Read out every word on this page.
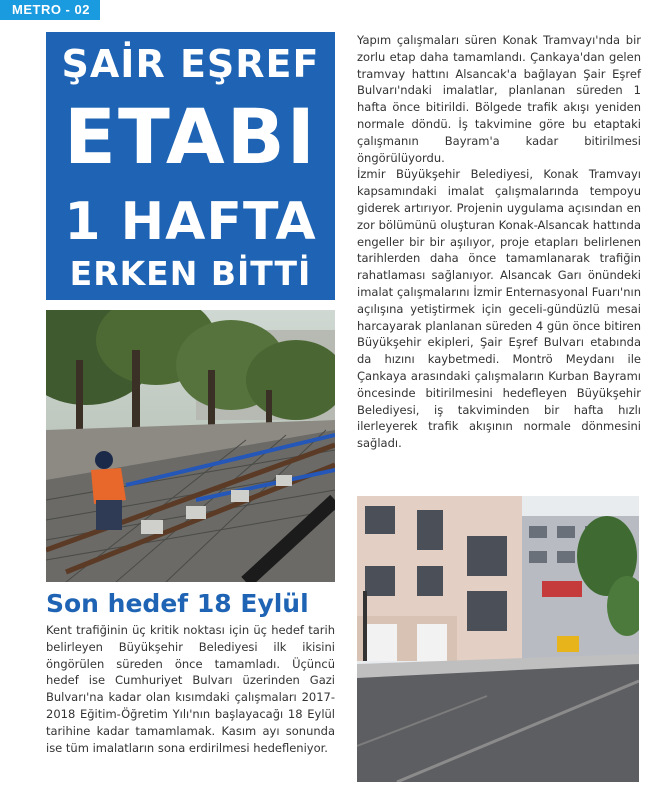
METRO - 02
ŞAİR EŞREF
ETABI
1 HAFTA
ERKEN BİTTİ
Son hedef 18 Eylül

Kent trafiğinin üç kritik noktası için üç hedef tarih belirleyen Büyükşehir Belediyesi ilk ikisini öngörülen süreden önce tamamladı. Üçüncü hedef ise Cumhuriyet Bulvarı üzerinden Gazi Bulvarı'na kadar olan kısımdaki çalışmaları 2017-2018 Eğitim-Öğretim Yılı'nın başlayacağı 18 Eylül tarihine kadar tamamlamak. Kasım ayı sonunda ise tüm imalatların sona erdirilmesi hedefleniyor.

Yapım çalışmaları süren Konak Tramvayı'nda bir zorlu etap daha tamamlandı. Çankaya'dan gelen tramvay hattını Alsancak'a bağlayan Şair Eşref Bulvarı'ndaki imalatlar, planlanan süreden 1 hafta önce bitirildi. Bölgede trafik akışı yeniden normale döndü. İş takvimine göre bu etaptaki çalışmanın Bayram'a kadar bitirilmesi öngörülüyordu.

İzmir Büyükşehir Belediyesi, Konak Tramvayı kapsamındaki imalat çalışmalarında tempoyu giderek artırıyor. Projenin uygulama açısından en zor bölümünü oluşturan Konak-Alsancak hattında engeller bir bir aşılıyor, proje etapları belirlenen tarihlerden daha önce tamamlanarak trafiğin rahatlaması sağlanıyor. Alsancak Garı önündeki imalat çalışmalarını İzmir Enternasyonal Fuarı'nın açılışına yetiştirmek için geceli-gündüzlü mesai harcayarak planlanan süreden 4 gün önce bitiren Büyükşehir ekipleri, Şair Eşref Bulvarı etabında da hızını kaybetmedi. Montrö Meydanı ile Çankaya arasındaki çalışmaların Kurban Bayramı öncesinde bitirilmesini hedefleyen Büyükşehir Belediyesi, iş takviminden bir hafta hızlı ilerleyerek trafik akışının normale dönmesini sağladı.
